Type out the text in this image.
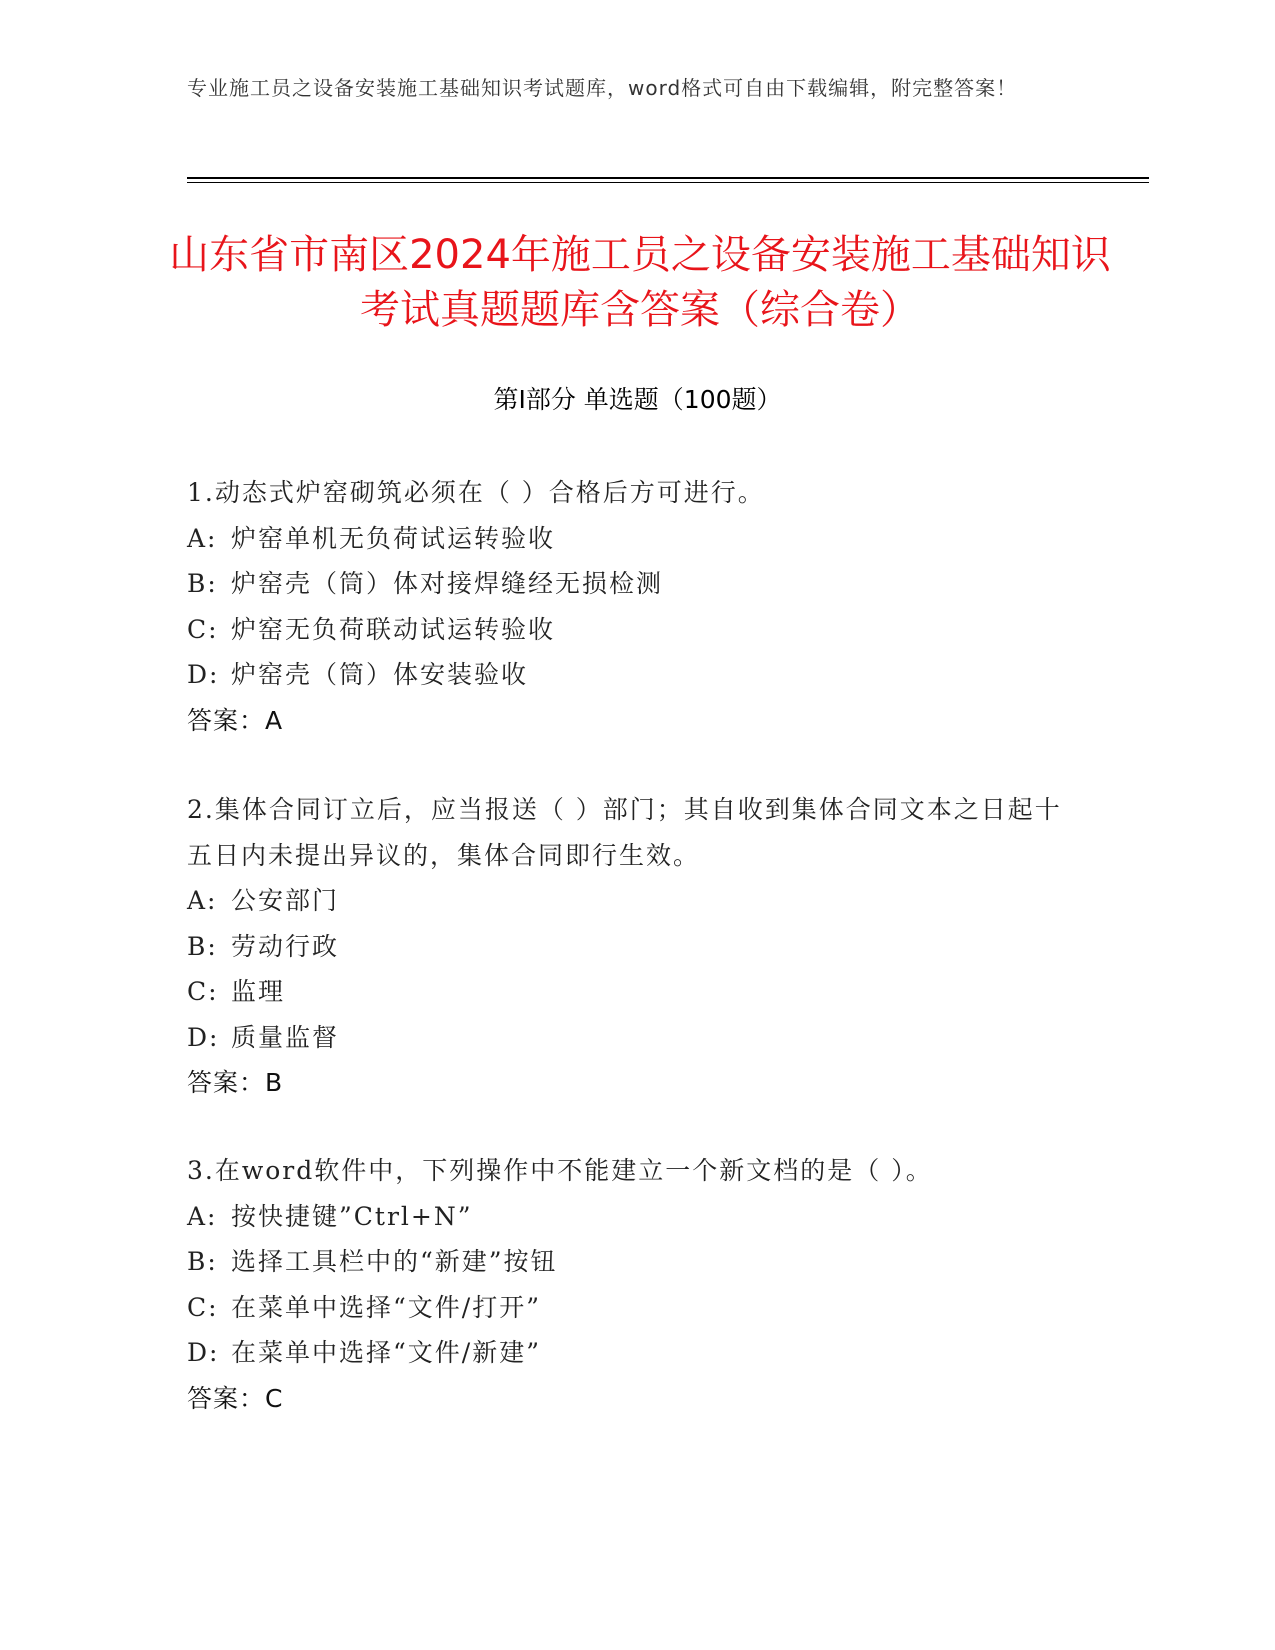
专业施工员之设备安装施工基础知识考试题库，word格式可自由下载编辑，附完整答案！
山东省市南区2024年施工员之设备安装施工基础知识考试真题题库含答案（综合卷）
第Ⅰ部分 单选题（100题）
1.动态式炉窑砌筑必须在（ ）合格后方可进行。
A: 炉窑单机无负荷试运转验收
B: 炉窑壳（筒）体对接焊缝经无损检测
C: 炉窑无负荷联动试运转验收
D: 炉窑壳（筒）体安装验收
答案：A
2.集体合同订立后，应当报送（ ）部门；其自收到集体合同文本之日起十五日内未提出异议的，集体合同即行生效。
A: 公安部门
B: 劳动行政
C: 监理
D: 质量监督
答案：B
3.在word软件中，下列操作中不能建立一个新文档的是（ ）。
A: 按快捷键”Ctrl+N”
B: 选择工具栏中的“新建”按钮
C: 在菜单中选择“文件/打开”
D: 在菜单中选择“文件/新建”
答案：C
